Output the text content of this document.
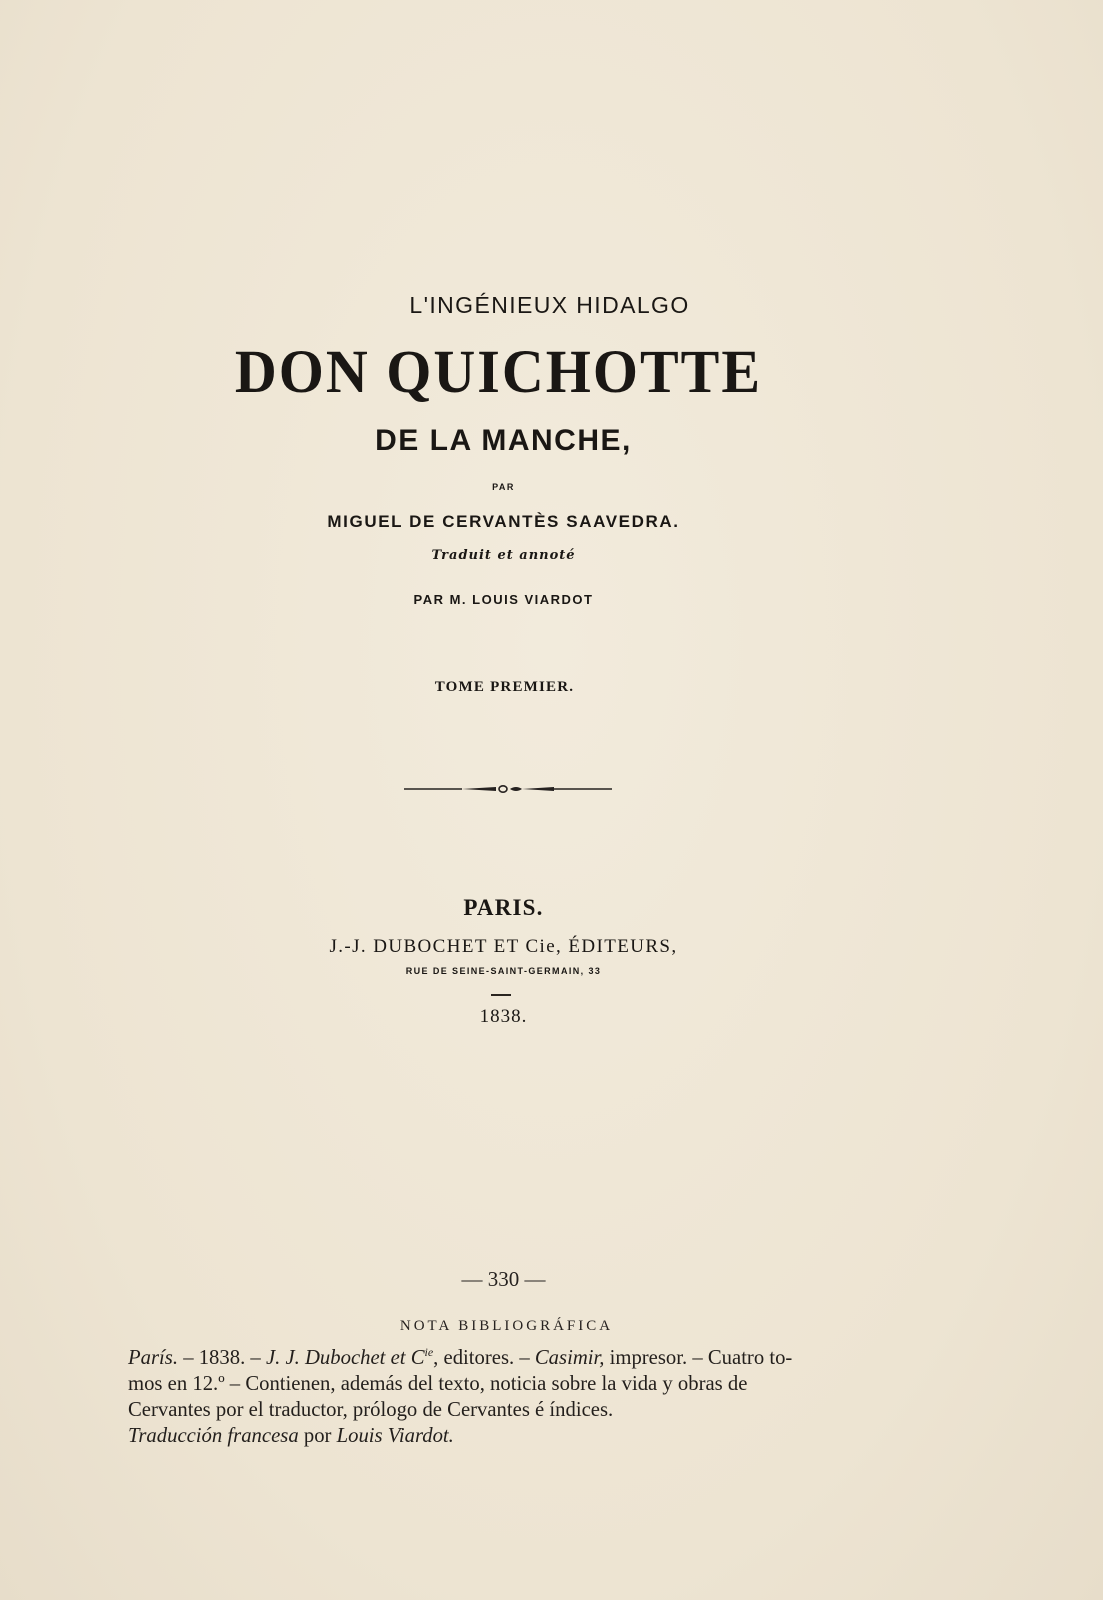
L'INGÉNIEUX HIDALGO
DON QUICHOTTE
DE LA MANCHE,
PAR
MIGUEL DE CERVANTÈS SAAVEDRA.
Traduit et annoté
PAR M. LOUIS VIARDOT
TOME PREMIER.
PARIS.
J.-J. DUBOCHET ET Cie, ÉDITEURS,
RUE DE SEINE-SAINT-GERMAIN, 33
1838.
— 330 —
NOTA BIBLIOGRÁFICA
París. – 1838. – J. J. Dubochet et $C^{ie}$, editores. – Casimir, impresor. – Cuatro to-
mos en 12.º – Contienen, además del texto, noticia sobre la vida y obras de
Cervantes por el traductor, prólogo de Cervantes é índices.
Traducción francesa por Louis Viardot.
